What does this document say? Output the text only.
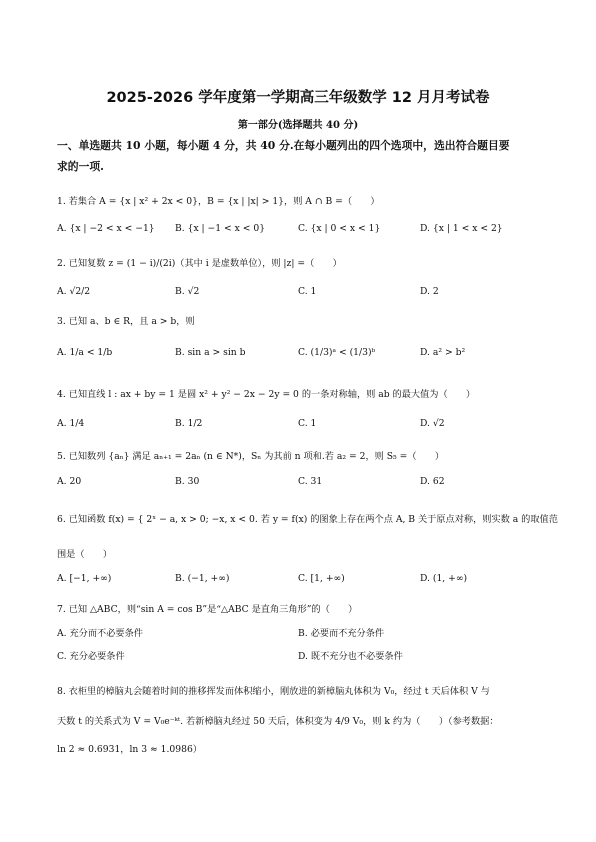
2025-2026 学年度第一学期高三年级数学 12 月月考试卷
第一部分(选择题共 40 分)
一、单选题共 10 小题，每小题 4 分，共 40 分.在每小题列出的四个选项中，选出符合题目要
求的一项.
1. 若集合 A = {x | x² + 2x < 0}，B = {x | |x| > 1}，则 A ∩ B =（　　）
A. {x | −2 < x < −1} B. {x | −1 < x < 0}	C. {x | 0 < x < 1}	D. {x | 1 < x < 2}
2. 已知复数 z = (1 − i)/(2i)（其中 i 是虚数单位），则 |z| =（　　）
A. √2/2	B. √2	C. 1	D. 2
3. 已知 a、b ∈ R，且 a > b，则
A. 1/a < 1/b	B. sin a > sin b	C. (1/3)ᵃ < (1/3)ᵇ	D. a² > b²
4. 已知直线 l : ax + by = 1 是圆 x² + y² − 2x − 2y = 0 的一条对称轴，则 ab 的最大值为（　　）
A. 1/4	B. 1/2	C. 1	D. √2
5. 已知数列 {aₙ} 满足 aₙ₊₁ = 2aₙ (n ∈ N*)，Sₙ 为其前 n 项和.若 a₂ = 2，则 S₅ =（　　）
A. 20	B. 30	C. 31	D. 62
6. 已知函数 f(x) = { 2ˣ − a, x > 0; −x, x < 0. 若 y = f(x) 的图象上存在两个点 A, B 关于原点对称，则实数 a 的取值范
围是（　　）
A. [−1, +∞)	B. (−1, +∞)	C. [1, +∞)	D. (1, +∞)
7. 已知 △ABC，则“sin A = cos B”是“△ABC 是直角三角形”的（　　）
A. 充分而不必要条件	B. 必要而不充分条件
C. 充分必要条件	D. 既不充分也不必要条件
8. 衣柜里的樟脑丸会随着时间的推移挥发而体积缩小，刚放进的新樟脑丸体积为 V₀，经过 t 天后体积 V 与
天数 t 的关系式为 V = V₀e⁻ᵏᵗ. 若新樟脑丸经过 50 天后，体积变为 4/9 V₀，则 k 约为（　　）（参考数据：
ln 2 ≈ 0.6931，ln 3 ≈ 1.0986）
